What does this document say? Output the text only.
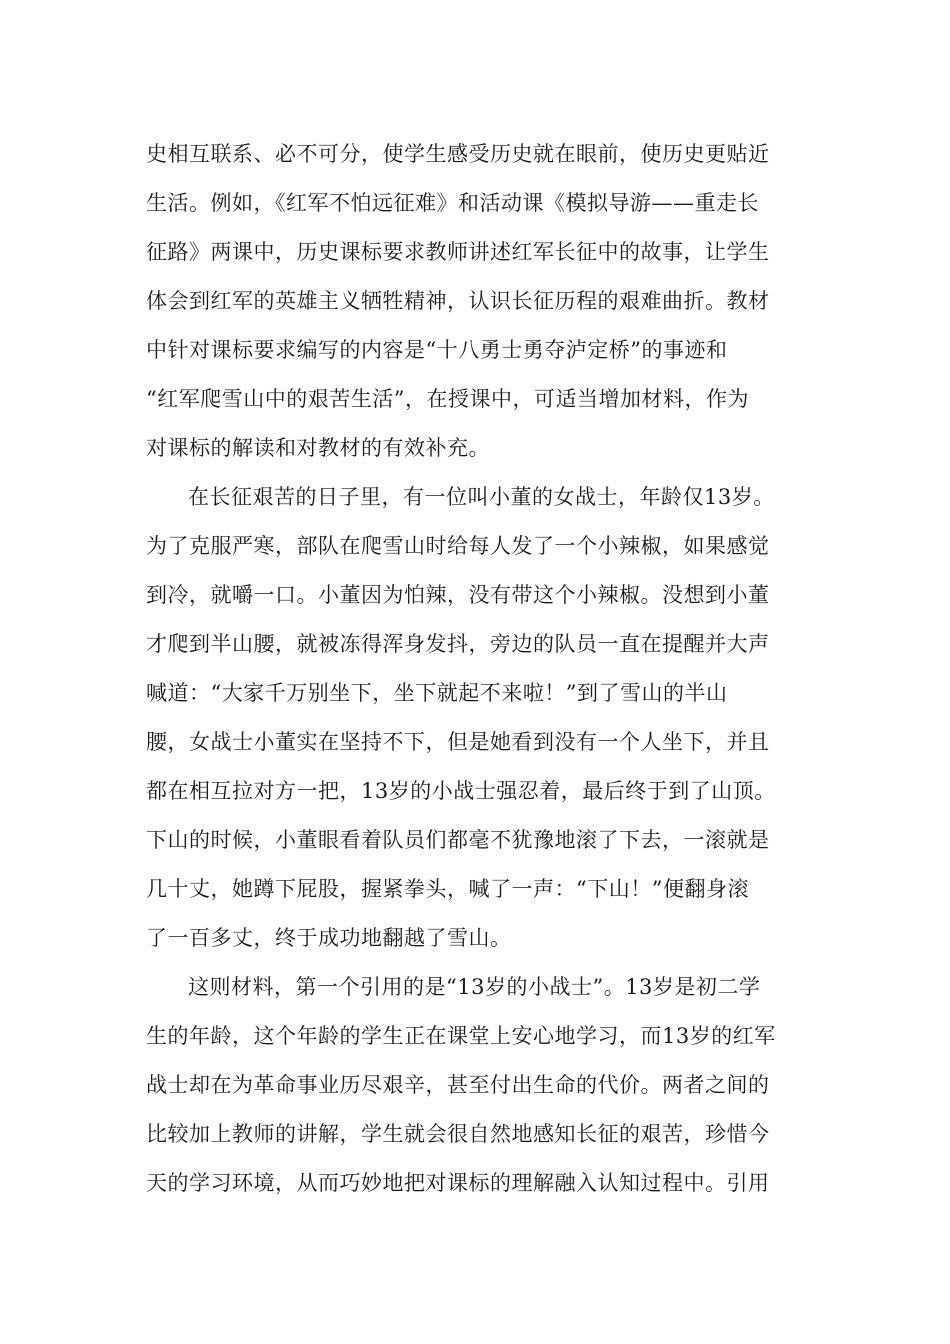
史相互联系、必不可分，使学生感受历史就在眼前，使历史更贴近
生活。例如，《红军不怕远征难》和活动课《模拟导游——重走长
征路》两课中，历史课标要求教师讲述红军长征中的故事，让学生
体会到红军的英雄主义牺牲精神，认识长征历程的艰难曲折。教材
中针对课标要求编写的内容是“十八勇士勇夺泸定桥”的事迹和
“红军爬雪山中的艰苦生活”，在授课中，可适当增加材料，作为
对课标的解读和对教材的有效补充。
在长征艰苦的日子里，有一位叫小董的女战士，年龄仅13岁。
为了克服严寒，部队在爬雪山时给每人发了一个小辣椒，如果感觉
到冷，就嚼一口。小董因为怕辣，没有带这个小辣椒。没想到小董
才爬到半山腰，就被冻得浑身发抖，旁边的队员一直在提醒并大声
喊道：“大家千万别坐下，坐下就起不来啦！”到了雪山的半山
腰，女战士小董实在坚持不下，但是她看到没有一个人坐下，并且
都在相互拉对方一把，13岁的小战士强忍着，最后终于到了山顶。
下山的时候，小董眼看着队员们都毫不犹豫地滚了下去，一滚就是
几十丈，她蹲下屁股，握紧拳头，喊了一声：“下山！”便翻身滚
了一百多丈，终于成功地翻越了雪山。
这则材料，第一个引用的是“13岁的小战士”。13岁是初二学
生的年龄，这个年龄的学生正在课堂上安心地学习，而13岁的红军
战士却在为革命事业历尽艰辛，甚至付出生命的代价。两者之间的
比较加上教师的讲解，学生就会很自然地感知长征的艰苦，珍惜今
天的学习环境，从而巧妙地把对课标的理解融入认知过程中。引用
